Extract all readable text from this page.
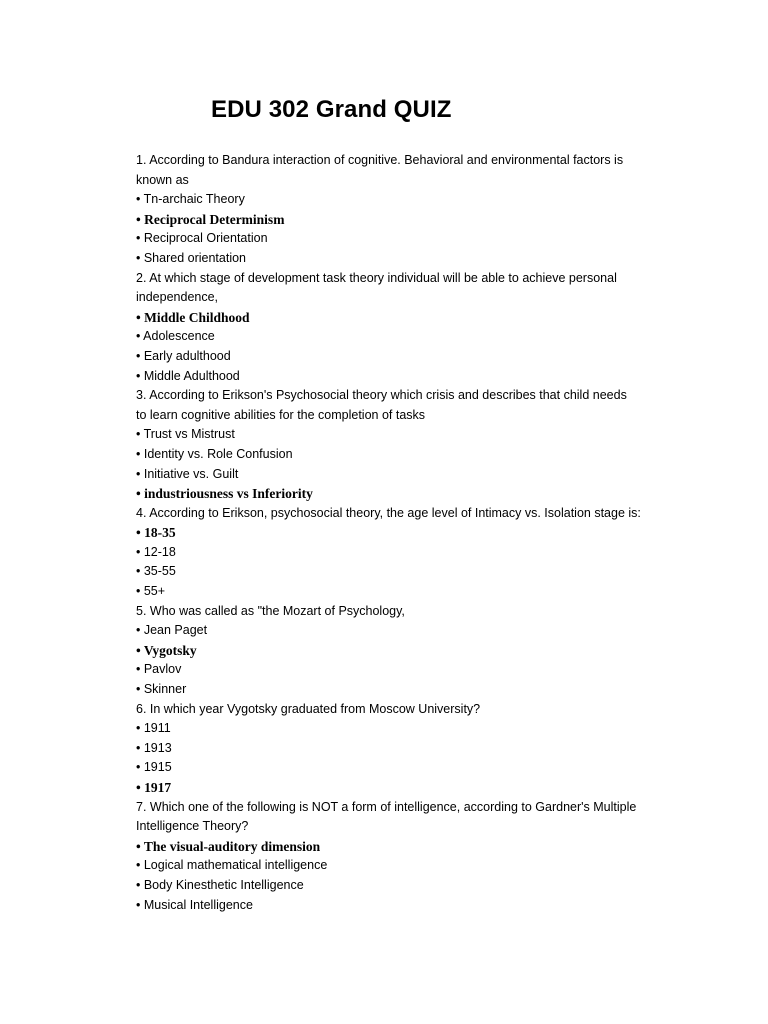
EDU 302 Grand QUIZ
1. According to Bandura interaction of cognitive. Behavioral and environmental factors is known as
• Tn-archaic Theory
• Reciprocal Determinism
• Reciprocal Orientation
• Shared orientation
2. At which stage of development task theory individual will be able to achieve personal independence,
• Middle Childhood
• Adolescence
• Early adulthood
• Middle Adulthood
3. According to Erikson's Psychosocial theory which crisis and describes that child needs
to learn cognitive abilities for the completion of tasks
• Trust vs Mistrust
• Identity vs. Role Confusion
• Initiative vs. Guilt
• industriousness vs Inferiority
4. According to Erikson, psychosocial theory, the age level of Intimacy vs. Isolation stage is:
• 18-35
• 12-18
• 35-55
• 55+
5. Who was called as "the Mozart of Psychology,
• Jean Paget
• Vygotsky
• Pavlov
• Skinner
6. In which year Vygotsky graduated from Moscow University?
• 1911
• 1913
• 1915
• 1917
7. Which one of the following is NOT a form of intelligence, according to Gardner's Multiple Intelligence Theory?
• The visual-auditory dimension
• Logical mathematical intelligence
• Body Kinesthetic Intelligence
• Musical Intelligence
